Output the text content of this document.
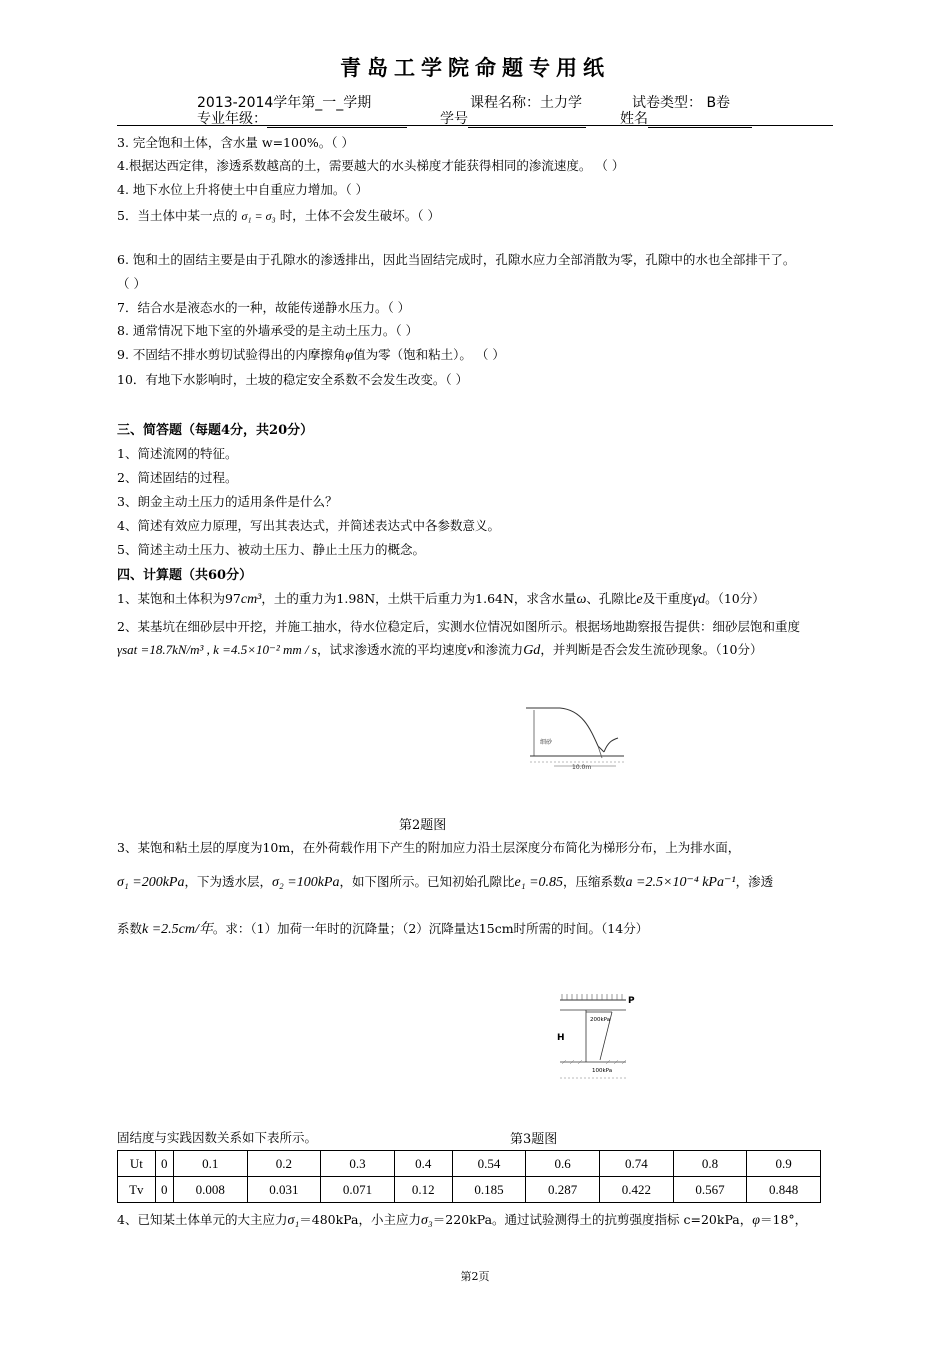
青岛工学院命题专用纸
2013-2014学年第_一_学期	课程名称：土力学	试卷类型： B卷
专业年级：	学号	姓名
3. 完全饱和土体，含水量 w=100%。（ ）
4.根据达西定律，渗透系数越高的土，需要越大的水头梯度才能获得相同的渗流速度。 （ ）
4. 地下水位上升将使土中自重应力增加。（ ）
5．当土体中某一点的 σ₁ = σ₃ 时，土体不会发生破坏。（ ）
6. 饱和土的固结主要是由于孔隙水的渗透排出，因此当固结完成时，孔隙水应力全部消散为零，孔隙中的水也全部排干了。
（ ）
7．结合水是液态水的一种，故能传递静水压力。（ ）
8. 通常情况下地下室的外墙承受的是主动土压力。（ ）
9. 不固结不排水剪切试验得出的内摩擦角φ值为零（饱和粘土）。 （ ）
10．有地下水影响时，土坡的稳定安全系数不会发生改变。（ ）
三、简答题（每题4分，共20分）
1、简述流网的特征。
2、简述固结的过程。
3、朗金主动土压力的适用条件是什么？
4、简述有效应力原理，写出其表达式，并简述表达式中各参数意义。
5、简述主动土压力、被动土压力、静止土压力的概念。
四、计算题（共60分）
1、某饱和土体积为97cm³，土的重力为1.98N，土烘干后重力为1.64N，求含水量ω、孔隙比e及干重度γd。（10分）
2、某基坑在细砂层中开挖，并施工抽水，待水位稳定后，实测水位情况如图所示。根据场地勘察报告提供：细砂层饱和重度
γsat =18.7kN/m³ , k =4.5×10⁻² mm / s，试求渗透水流的平均速度v和渗流力Gd，并判断是否会发生流砂现象。（10分）
细砂
10.0m
第2题图
3、某饱和粘土层的厚度为10m，在外荷载作用下产生的附加应力沿土层深度分布简化为梯形分布，上为排水面，
σ₁ =200kPa，下为透水层，σ₂ =100kPa，如下图所示。已知初始孔隙比e₁ =0.85，压缩系数a =2.5×10⁻⁴ kPa⁻¹，渗透
系数k =2.5cm/年。求：（1）加荷一年时的沉降量；（2）沉降量达15cm时所需的时间。（14分）
P
200kPa
H
100kPa
固结度与实践因数关系如下表所示。	第3题图
Ut	0	0.1	0.2	0.3	0.4	0.54	0.6	0.74	0.8	0.9
Tv	0	0.008	0.031	0.071	0.12	0.185	0.287	0.422	0.567	0.848
4、已知某土体单元的大主应力σ₁＝480kPa，小主应力σ₃＝220kPa。通过试验测得土的抗剪强度指标 c=20kPa，φ＝18°，
第2页
